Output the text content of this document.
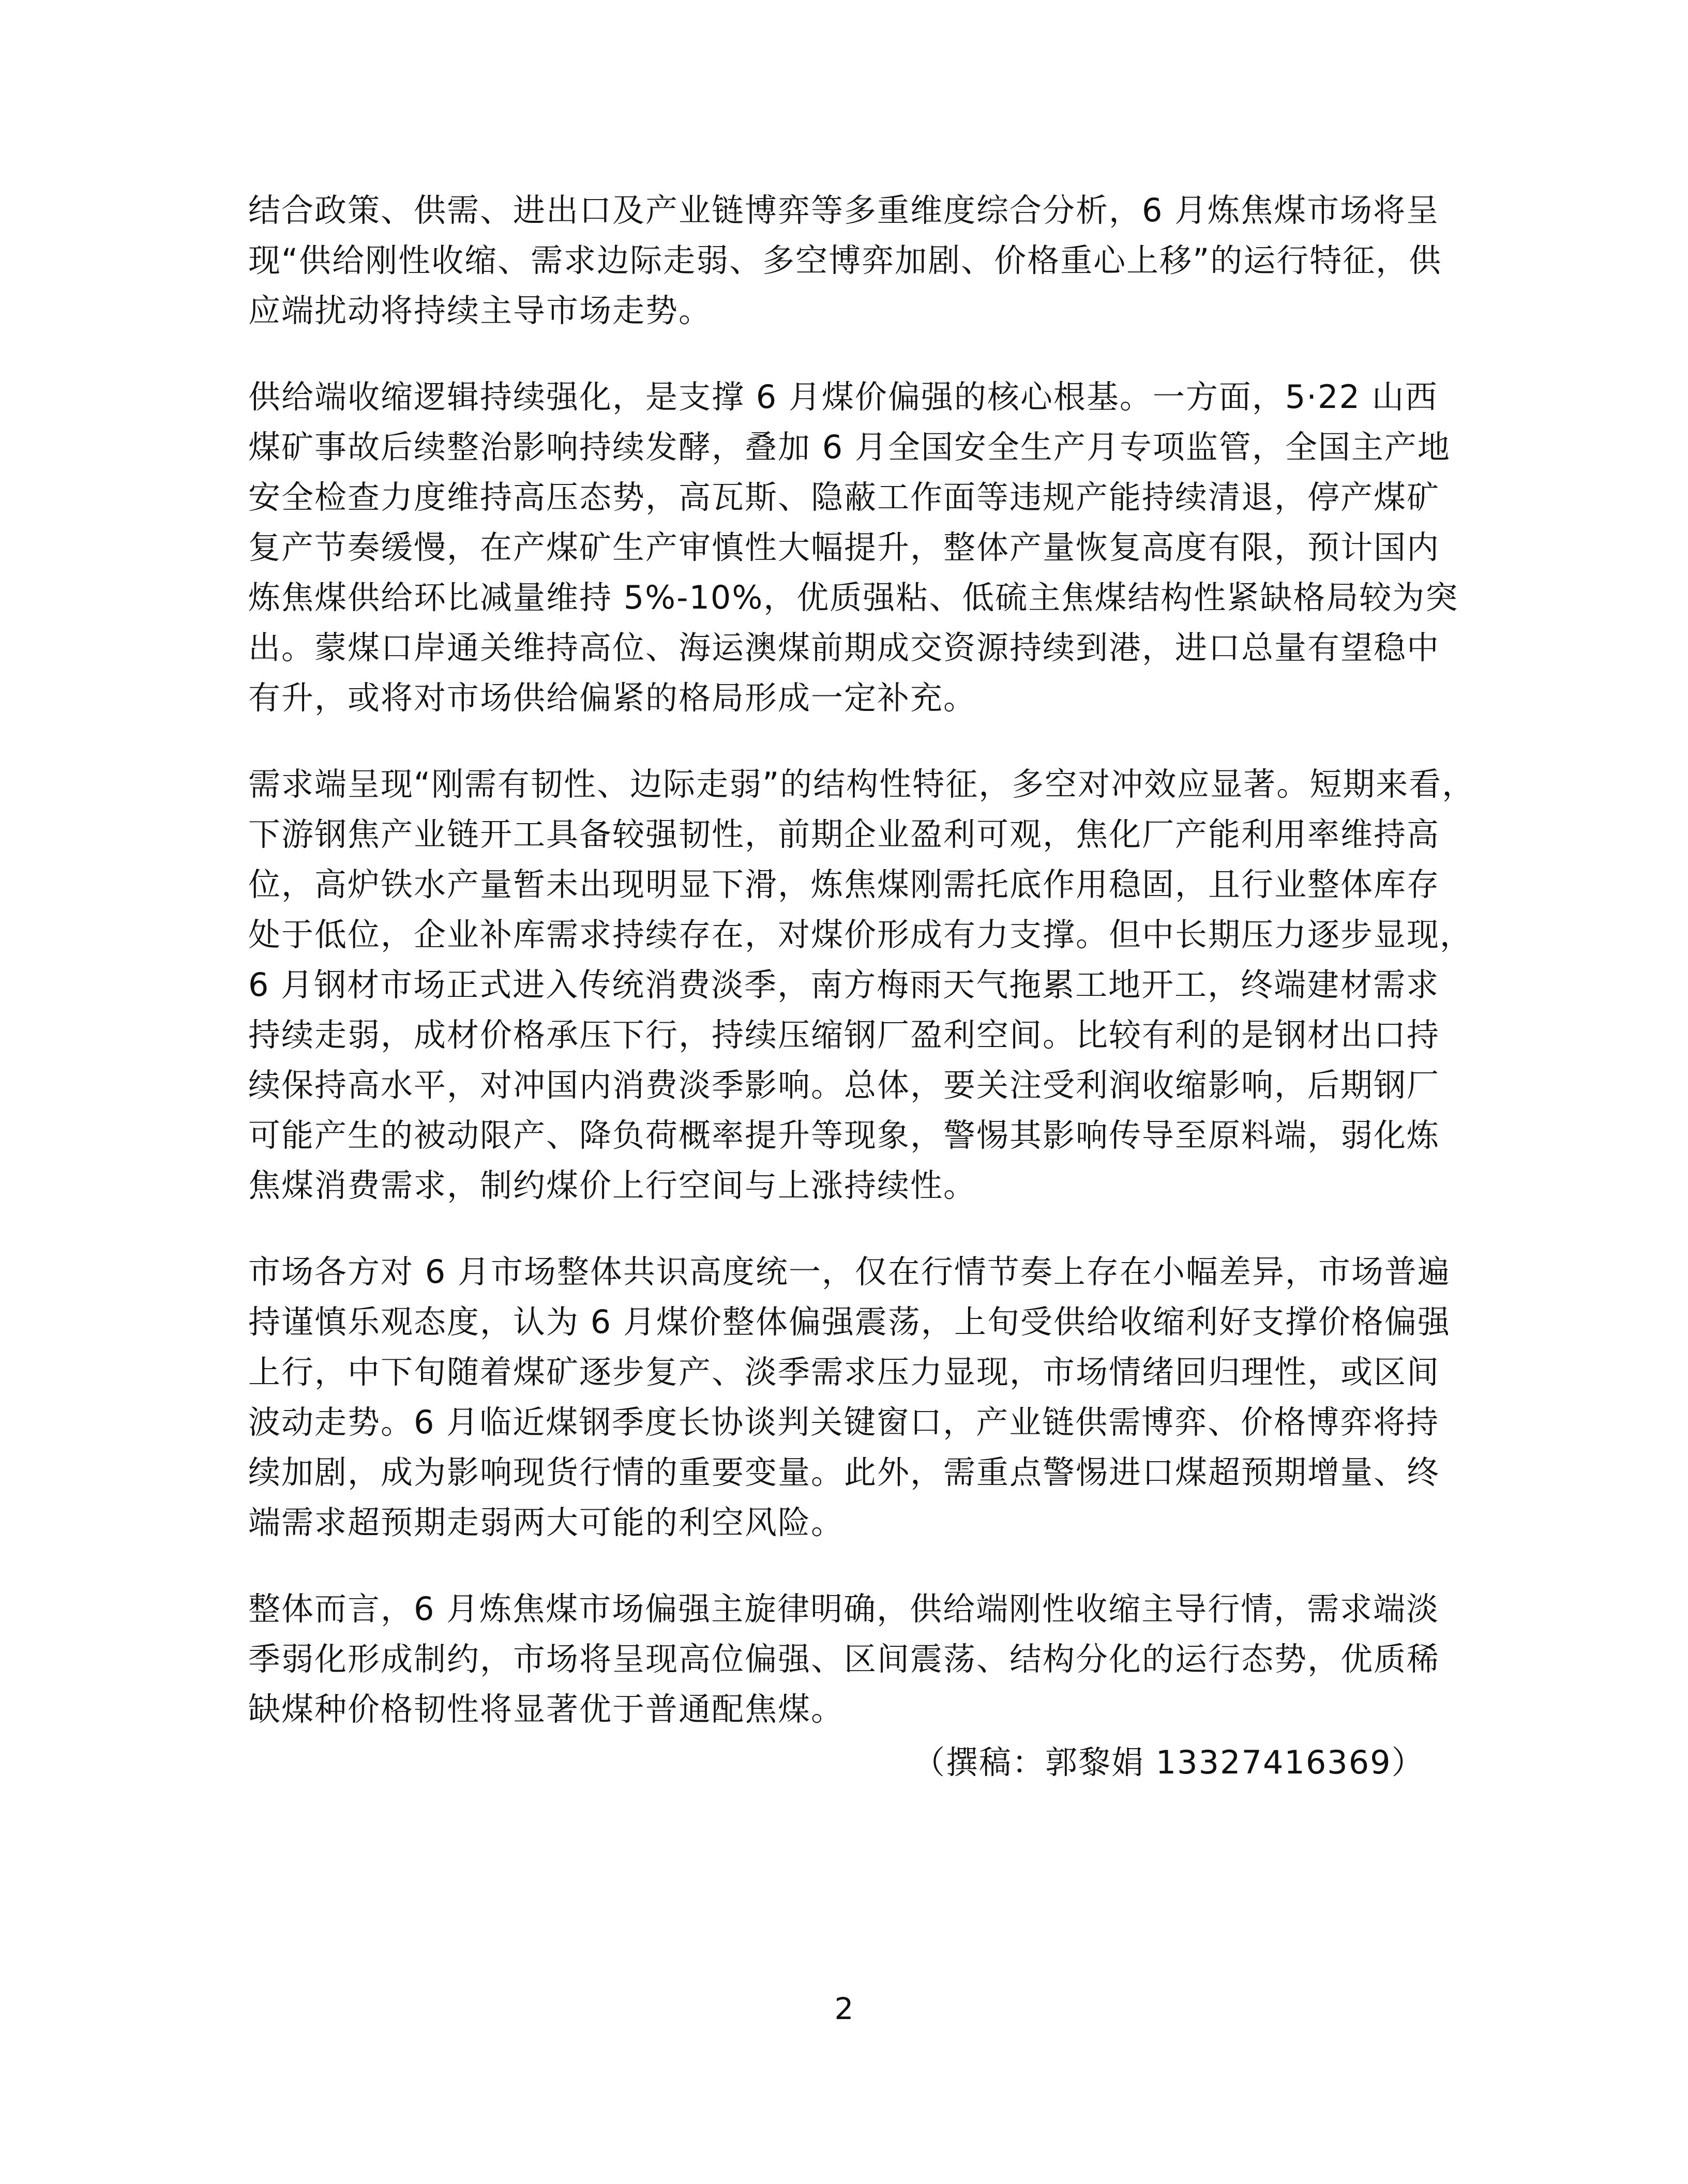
结合政策、供需、进出口及产业链博弈等多重维度综合分析，6 月炼焦煤市场将呈
现“供给刚性收缩、需求边际走弱、多空博弈加剧、价格重心上移”的运行特征，供
应端扰动将持续主导市场走势。

供给端收缩逻辑持续强化，是支撑 6 月煤价偏强的核心根基。一方面，5·22 山西
煤矿事故后续整治影响持续发酵，叠加 6 月全国安全生产月专项监管，全国主产地
安全检查力度维持高压态势，高瓦斯、隐蔽工作面等违规产能持续清退，停产煤矿
复产节奏缓慢，在产煤矿生产审慎性大幅提升，整体产量恢复高度有限，预计国内
炼焦煤供给环比减量维持 5%-10%，优质强粘、低硫主焦煤结构性紧缺格局较为突
出。蒙煤口岸通关维持高位、海运澳煤前期成交资源持续到港，进口总量有望稳中
有升，或将对市场供给偏紧的格局形成一定补充。

需求端呈现“刚需有韧性、边际走弱”的结构性特征，多空对冲效应显著。短期来看，
下游钢焦产业链开工具备较强韧性，前期企业盈利可观，焦化厂产能利用率维持高
位，高炉铁水产量暂未出现明显下滑，炼焦煤刚需托底作用稳固，且行业整体库存
处于低位，企业补库需求持续存在，对煤价形成有力支撑。但中长期压力逐步显现，
6 月钢材市场正式进入传统消费淡季，南方梅雨天气拖累工地开工，终端建材需求
持续走弱，成材价格承压下行，持续压缩钢厂盈利空间。比较有利的是钢材出口持
续保持高水平，对冲国内消费淡季影响。总体，要关注受利润收缩影响，后期钢厂
可能产生的被动限产、降负荷概率提升等现象，警惕其影响传导至原料端，弱化炼
焦煤消费需求，制约煤价上行空间与上涨持续性。

市场各方对 6 月市场整体共识高度统一，仅在行情节奏上存在小幅差异，市场普遍
持谨慎乐观态度，认为 6 月煤价整体偏强震荡，上旬受供给收缩利好支撑价格偏强
上行，中下旬随着煤矿逐步复产、淡季需求压力显现，市场情绪回归理性，或区间
波动走势。6 月临近煤钢季度长协谈判关键窗口，产业链供需博弈、价格博弈将持
续加剧，成为影响现货行情的重要变量。此外，需重点警惕进口煤超预期增量、终
端需求超预期走弱两大可能的利空风险。

整体而言，6 月炼焦煤市场偏强主旋律明确，供给端刚性收缩主导行情，需求端淡
季弱化形成制约，市场将呈现高位偏强、区间震荡、结构分化的运行态势，优质稀
缺煤种价格韧性将显著优于普通配焦煤。

（撰稿：郭黎娟 13327416369）
2
